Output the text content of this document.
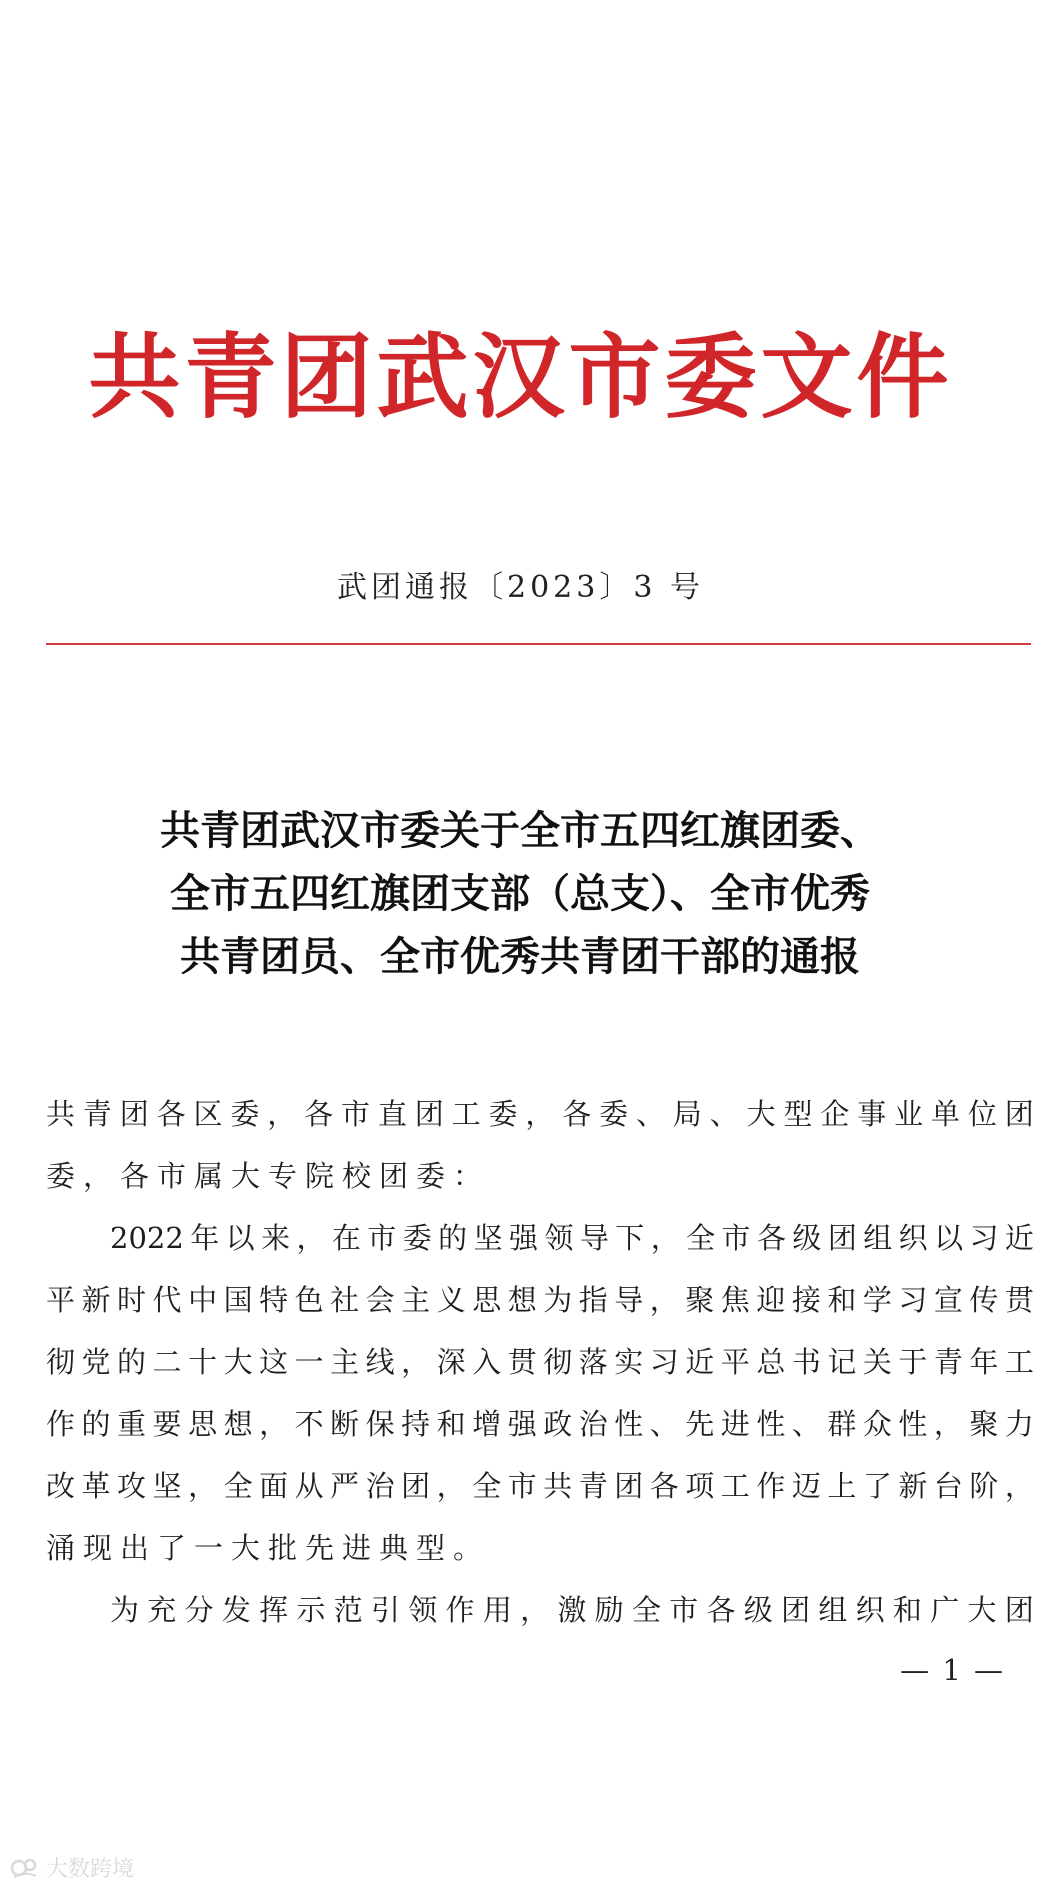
共青团武汉市委文件
武团通报〔2023〕3 号
共青团武汉市委关于全市五四红旗团委、
全市五四红旗团支部（总支）、全市优秀
共青团员、全市优秀共青团干部的通报
共 青 团 各 区 委 ， 各 市 直 团 工 委 ， 各 委 、 局 、 大 型 企 事 业 单 位 团
委，各市属大专院校团委：
2022 年 以 来 ， 在 市 委 的 坚 强 领 导 下 ， 全 市 各 级 团 组 织 以 习 近
平 新 时 代 中 国 特 色 社 会 主 义 思 想 为 指 导 ， 聚 焦 迎 接 和 学 习 宣 传 贯
彻 党 的 二 十 大 这 一 主 线 ， 深 入 贯 彻 落 实 习 近 平 总 书 记 关 于 青 年 工
作 的 重 要 思 想 ， 不 断 保 持 和 增 强 政 治 性 、 先 进 性 、 群 众 性 ， 聚 力
改 革 攻 坚 ， 全 面 从 严 治 团 ， 全 市 共 青 团 各 项 工 作 迈 上 了 新 台 阶 ，
涌现出了一大批先进典型。
为 充 分 发 挥 示 范 引 领 作 用 ， 激 励 全 市 各 级 团 组 织 和 广 大 团
— 1 —
大数跨境
